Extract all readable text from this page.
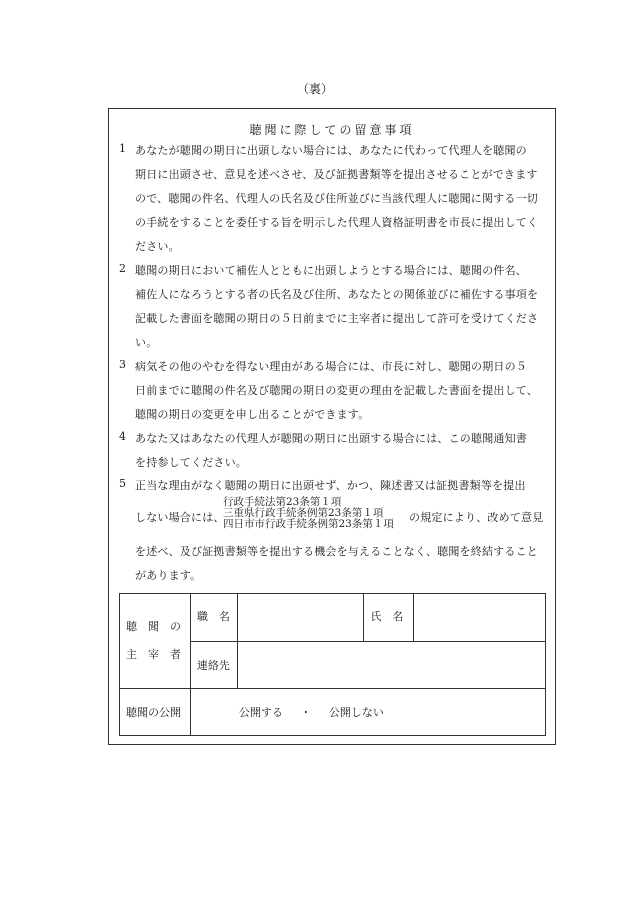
（裏）
聴聞に際しての留意事項
1 あなたが聴聞の期日に出頭しない場合には、あなたに代わって代理人を聴聞の
期日に出頭させ、意見を述べさせ、及び証拠書類等を提出させることができます
ので、聴聞の件名、代理人の氏名及び住所並びに当該代理人に聴聞に関する一切
の手続をすることを委任する旨を明示した代理人資格証明書を市長に提出してく
ださい。
2 聴聞の期日において補佐人とともに出頭しようとする場合には、聴聞の件名、
補佐人になろうとする者の氏名及び住所、あなたとの関係並びに補佐する事項を
記載した書面を聴聞の期日の５日前までに主宰者に提出して許可を受けてくださ
い。
3 病気その他のやむを得ない理由がある場合には、市長に対し、聴聞の期日の５
日前までに聴聞の件名及び聴聞の期日の変更の理由を記載した書面を提出して、
聴聞の期日の変更を申し出ることができます。
4 あなた又はあなたの代理人が聴聞の期日に出頭する場合には、この聴聞通知書
を持参してください。
5 正当な理由がなく聴聞の期日に出頭せず、かつ、陳述書又は証拠書類等を提出
しない場合には、
行政手続法第23条第１項
三重県行政手続条例第23条第１項
四日市市行政手続条例第23条第１項 の規定により、改めて意見
を述べ、及び証拠書類等を提出する機会を与えることなく、聴聞を終結すること
があります。
聴　聞　の
主　宰　者	職　名		氏　名	
	連絡先			
聴聞の公開	公開する ・ 公開しない			
